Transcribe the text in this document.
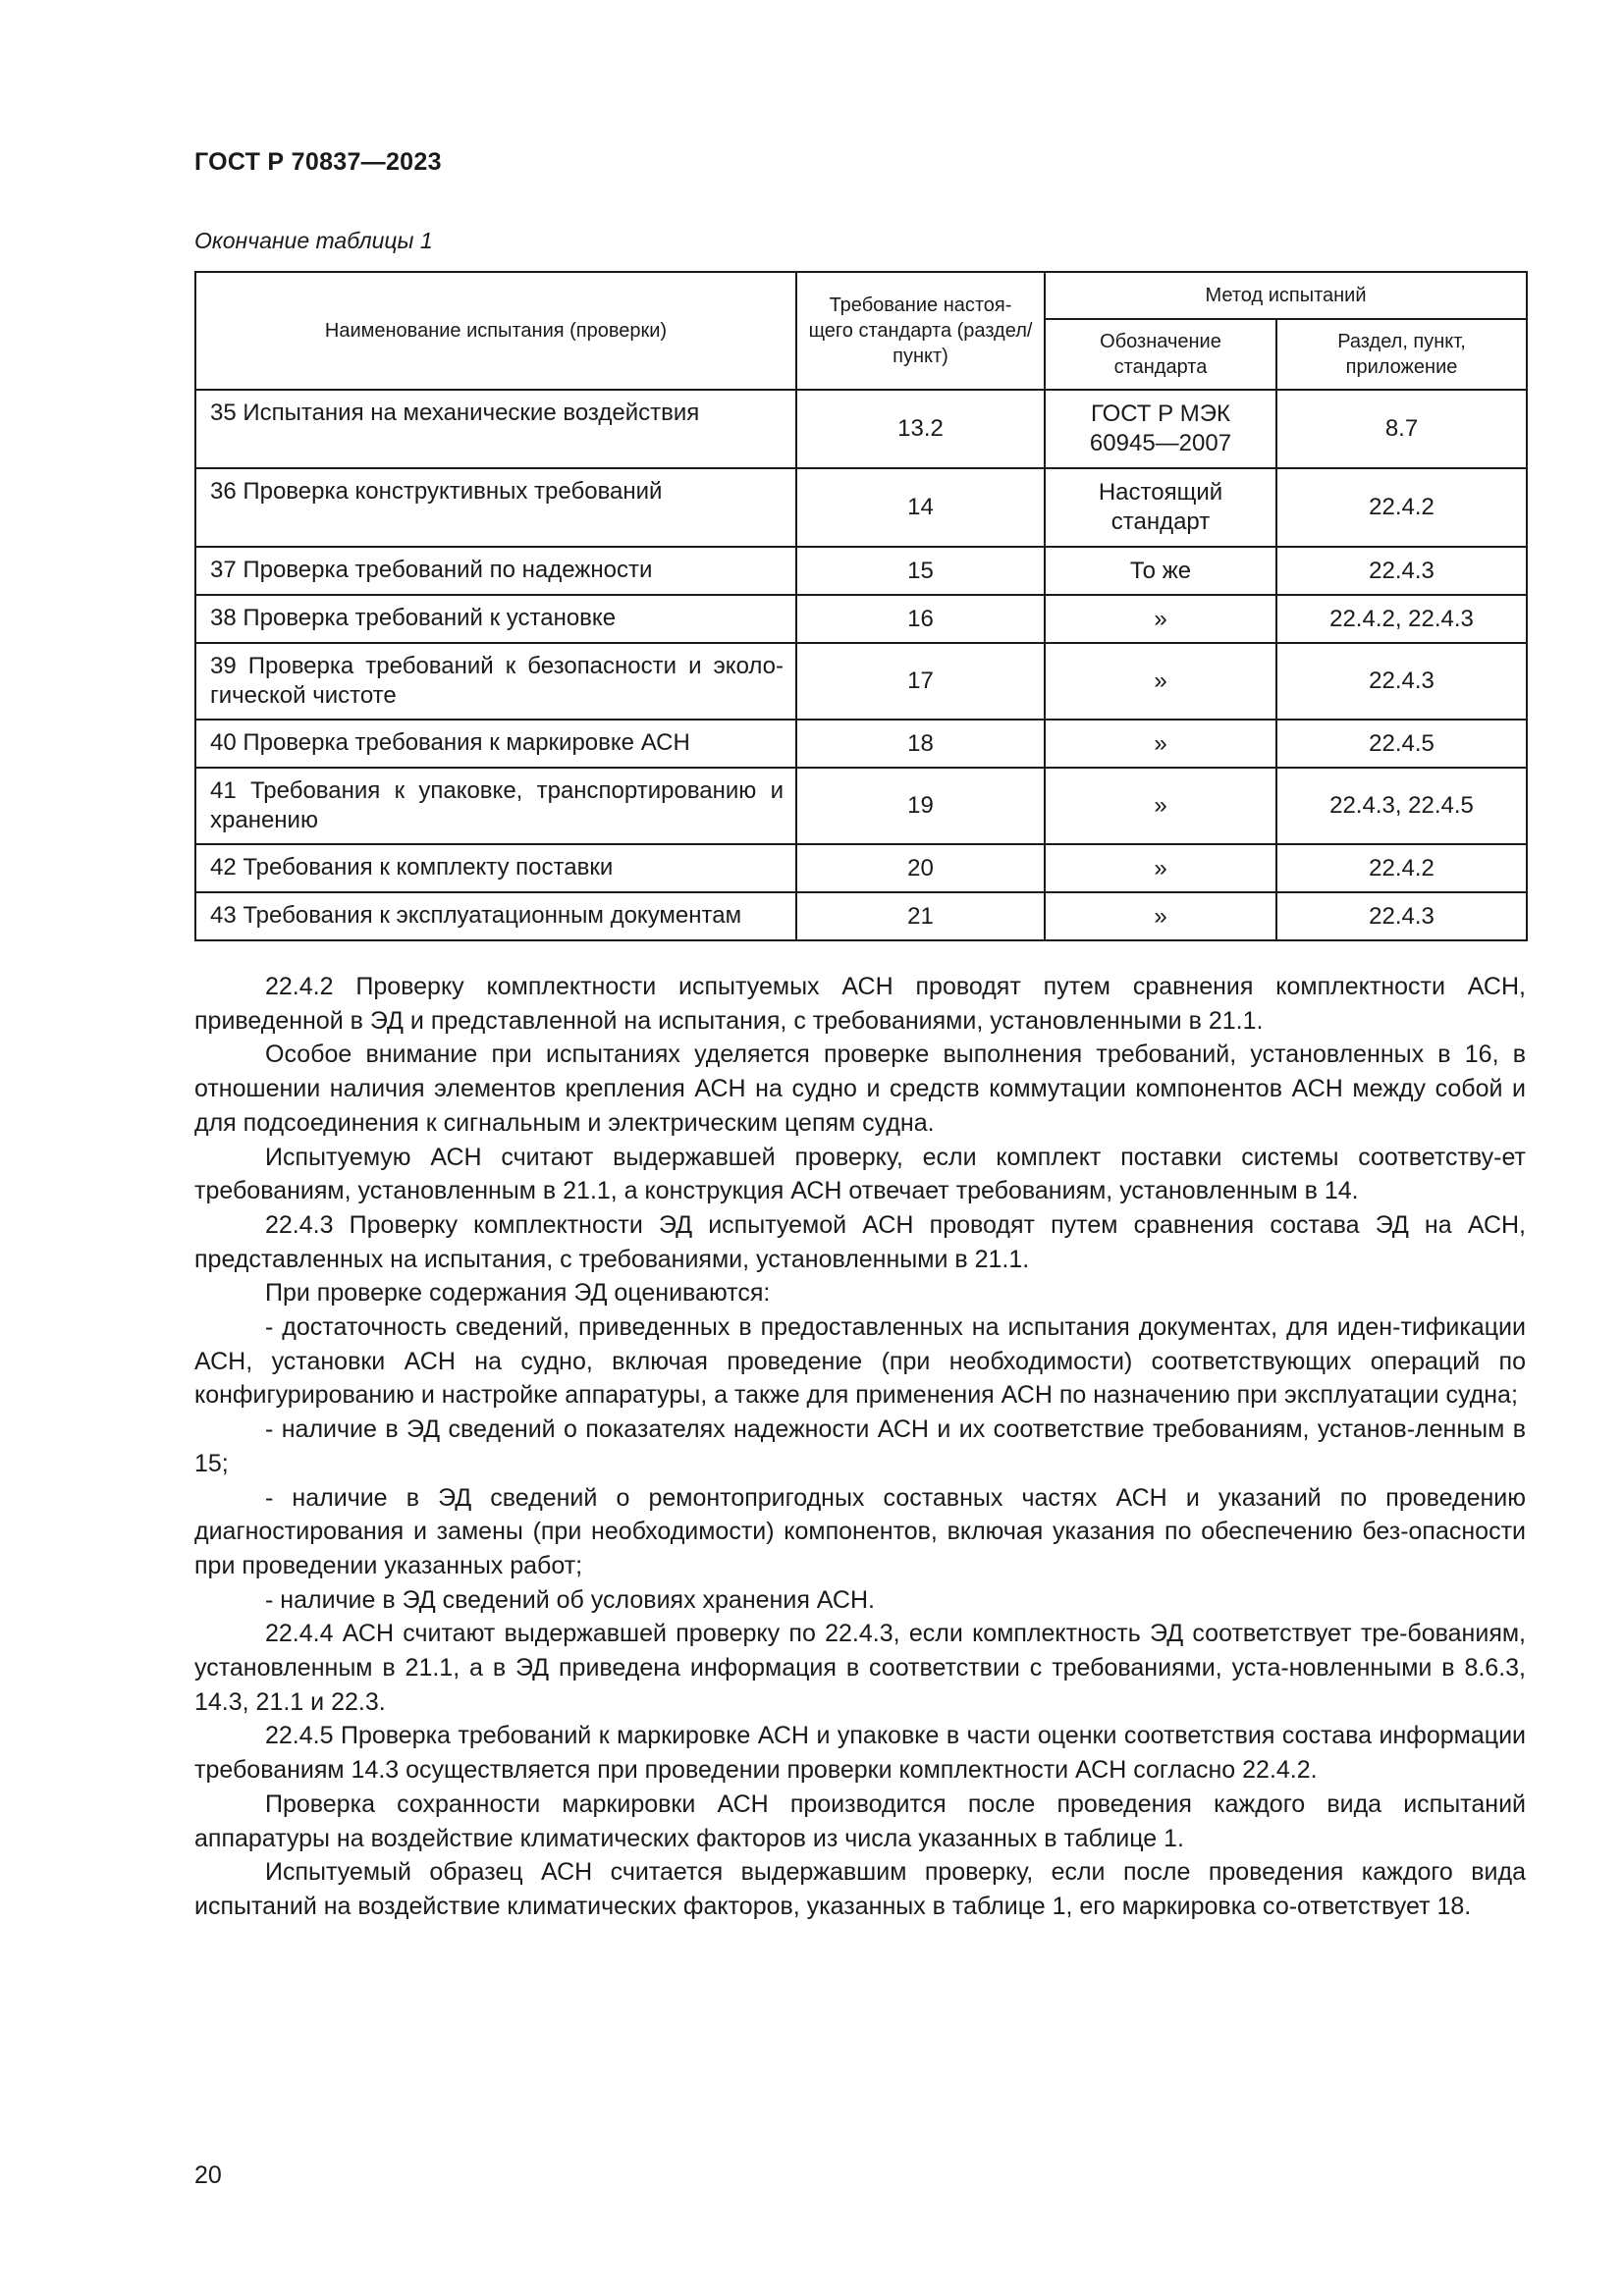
ГОСТ Р 70837—2023
Окончание таблицы 1
Наименование испытания (проверки)	Требование настоя-щего стандарта (раздел/пункт)	Метод испытаний	
		Обозначение стандарта	Раздел, пункт, приложение
35 Испытания на механические воздействия	13.2	ГОСТ Р МЭК 60945—2007	8.7
36 Проверка конструктивных требований	14	Настоящий стандарт	22.4.2
37 Проверка требований по надежности	15	То же	22.4.3
38 Проверка требований к установке	16	»	22.4.2, 22.4.3
39 Проверка требований к безопасности и эколо-гической чистоте	17	»	22.4.3
40 Проверка требования к маркировке АСН	18	»	22.4.5
41 Требования к упаковке, транспортированию и хранению	19	»	22.4.3, 22.4.5
42 Требования к комплекту поставки	20	»	22.4.2
43 Требования к эксплуатационным документам	21	»	22.4.3

22.4.2 Проверку комплектности испытуемых АСН проводят путем сравнения комплектности АСН, приведенной в ЭД и представленной на испытания, с требованиями, установленными в 21.1.

Особое внимание при испытаниях уделяется проверке выполнения требований, установленных в 16, в отношении наличия элементов крепления АСН на судно и средств коммутации компонентов АСН между собой и для подсоединения к сигнальным и электрическим цепям судна.

Испытуемую АСН считают выдержавшей проверку, если комплект поставки системы соответству-ет требованиям, установленным в 21.1, а конструкция АСН отвечает требованиям, установленным в 14.

22.4.3 Проверку комплектности ЭД испытуемой АСН проводят путем сравнения состава ЭД на АСН, представленных на испытания, с требованиями, установленными в 21.1.

При проверке содержания ЭД оцениваются:

- достаточность сведений, приведенных в предоставленных на испытания документах, для иден-тификации АСН, установки АСН на судно, включая проведение (при необходимости) соответствующих операций по конфигурированию и настройке аппаратуры, а также для применения АСН по назначению при эксплуатации судна;

- наличие в ЭД сведений о показателях надежности АСН и их соответствие требованиям, установ-ленным в 15;

- наличие в ЭД сведений о ремонтопригодных составных частях АСН и указаний по проведению диагностирования и замены (при необходимости) компонентов, включая указания по обеспечению без-опасности при проведении указанных работ;

- наличие в ЭД сведений об условиях хранения АСН.

22.4.4 АСН считают выдержавшей проверку по 22.4.3, если комплектность ЭД соответствует тре-бованиям, установленным в 21.1, а в ЭД приведена информация в соответствии с требованиями, уста-новленными в 8.6.3, 14.3, 21.1 и 22.3.

22.4.5 Проверка требований к маркировке АСН и упаковке в части оценки соответствия состава информации требованиям 14.3 осуществляется при проведении проверки комплектности АСН согласно 22.4.2.

Проверка сохранности маркировки АСН производится после проведения каждого вида испытаний аппаратуры на воздействие климатических факторов из числа указанных в таблице 1.

Испытуемый образец АСН считается выдержавшим проверку, если после проведения каждого вида испытаний на воздействие климатических факторов, указанных в таблице 1, его маркировка со-ответствует 18.

20
